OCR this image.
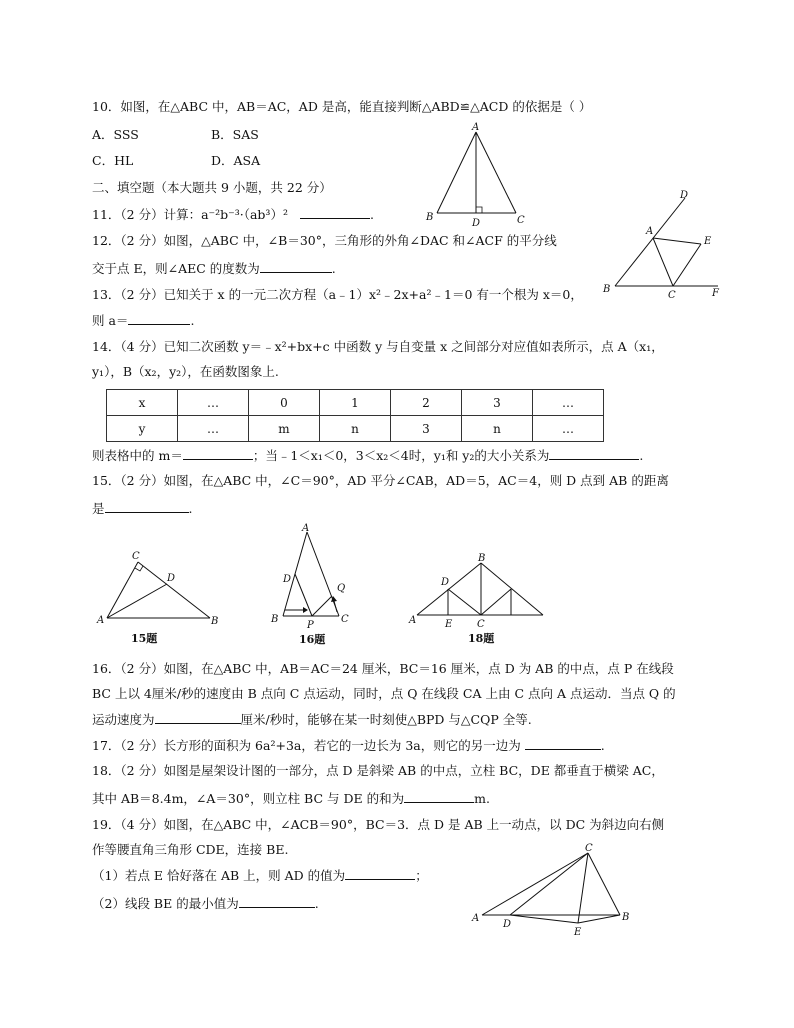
10．如图，在△ABC 中，AB＝AC，AD 是高，能直接判断△ABD≌△ACD 的依据是（ ）
A．SSS	B．SAS
C．HL	D．ASA
A
B
D	C
二、填空题（本大题共 9 小题，共 22 分）
11．（2 分）计算：a⁻²b⁻³·（ab³）²	.
12．（2 分）如图，△ABC 中，∠B＝30°，三角形的外角∠DAC 和∠ACF 的平分线
交于点 E，则∠AEC 的度数为	.
D
A
E
B
C	F
13．（2 分）已知关于 x 的一元二次方程（a﹣1）x²﹣2x+a²﹣1＝0 有一个根为 x＝0，
则 a＝	.
14．（4 分）已知二次函数 y＝﹣x²+bx+c 中函数 y 与自变量 x 之间部分对应值如表所示，点 A（x₁，
y₁），B（x₂，y₂），在函数图象上.
x	…	0	1	2	3	…
y	…	m	n	3	n	…
则表格中的 m＝	；当﹣1＜x₁＜0，3＜x₂＜4时，y₁和 y₂的大小关系为	.
15．（2 分）如图，在△ABC 中，∠C＝90°，AD 平分∠CAB，AD＝5，AC＝4，则 D 点到 AB 的距离
是	.
C
D
A	B
15题
A
D
Q
B
P
C
16题
B
D
A	E C
18题
16．（2 分）如图，在△ABC 中，AB＝AC＝24 厘米，BC＝16 厘米，点 D 为 AB 的中点，点 P 在线段
BC 上以 4厘米/秒的速度由 B 点向 C 点运动，同时，点 Q 在线段 CA 上由 C 点向 A 点运动．当点 Q 的
运动速度为	厘米/秒时，能够在某一时刻使△BPD 与△CQP 全等.
17．（2 分）长方形的面积为 6a²+3a，若它的一边长为 3a，则它的另一边为	.
18．（2 分）如图是屋架设计图的一部分，点 D 是斜梁 AB 的中点，立柱 BC，DE 都垂直于横梁 AC，
其中 AB＝8.4m，∠A＝30°，则立柱 BC 与 DE 的和为	m.
19．（4 分）如图，在△ABC 中，∠ACB＝90°，BC＝3．点 D 是 AB 上一动点，以 DC 为斜边向右侧
作等腰直角三角形 CDE，连接 BE.
（1）若点 E 恰好落在 AB 上，则 AD 的值为	；
（2）线段 BE 的最小值为	.
C
A
D
E
B
